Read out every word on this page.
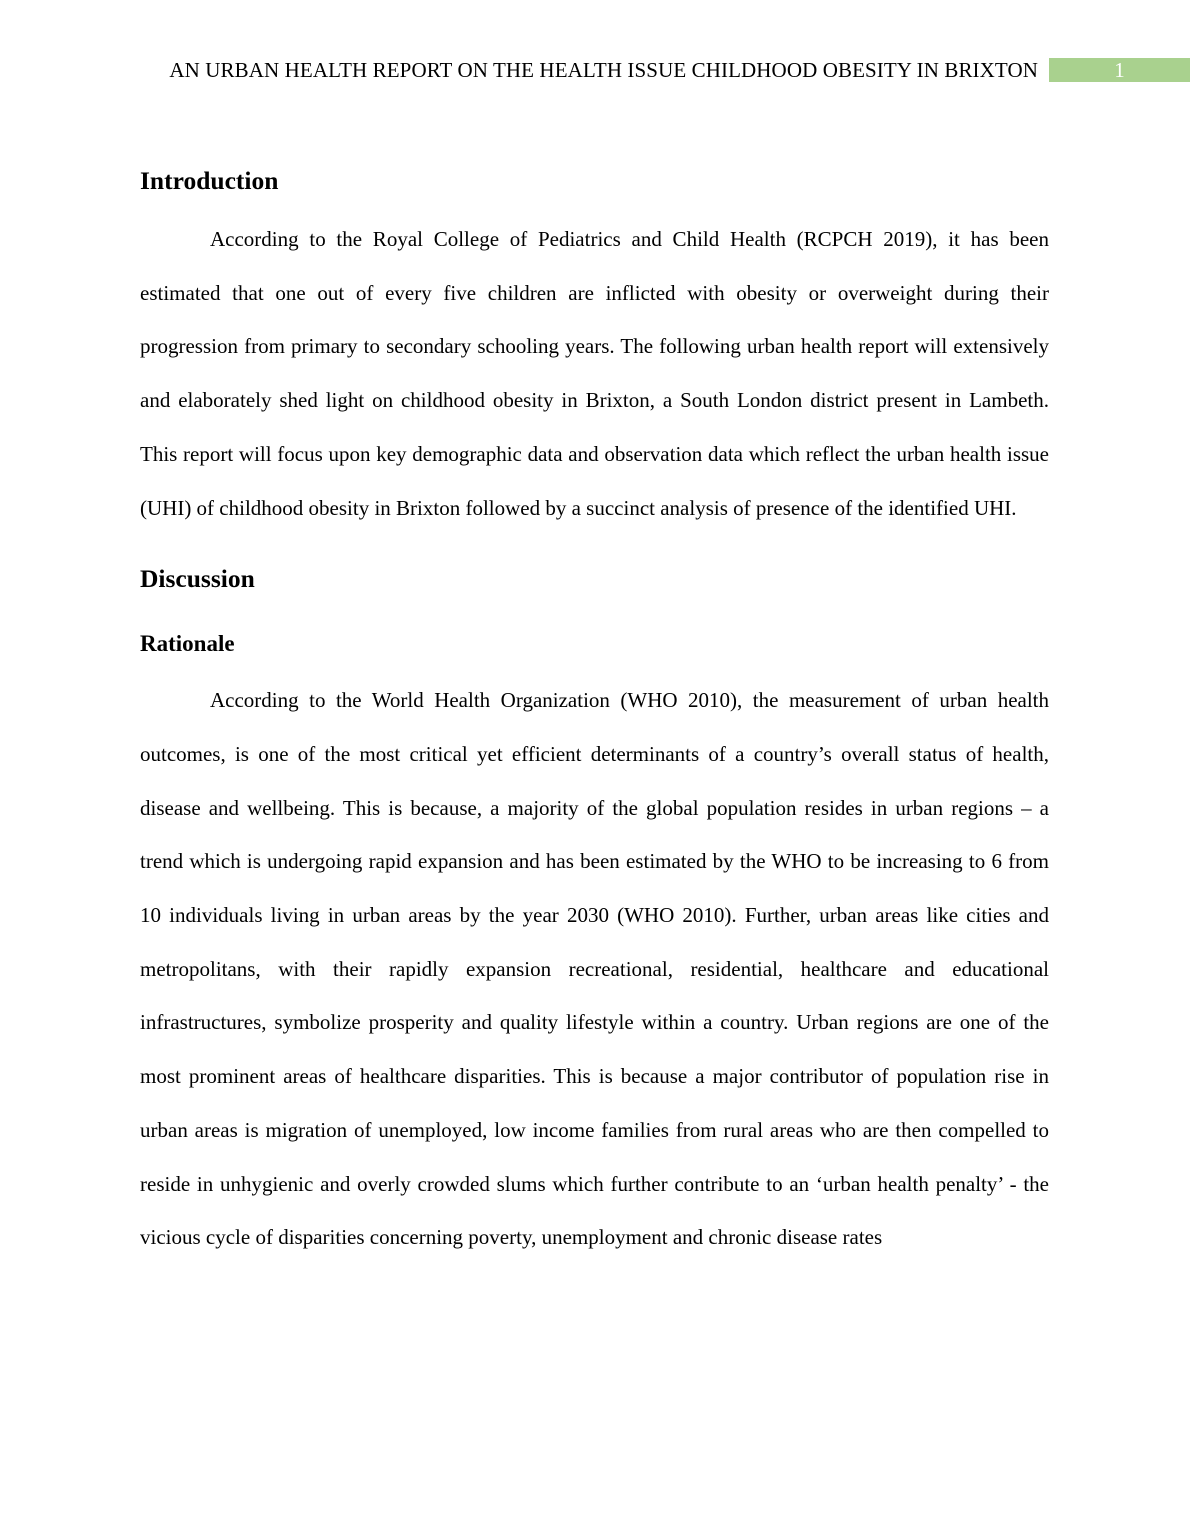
AN URBAN HEALTH REPORT ON THE HEALTH ISSUE CHILDHOOD OBESITY IN BRIXTON	1
Introduction

According to the Royal College of Pediatrics and Child Health (RCPCH 2019), it has been estimated that one out of every five children are inflicted with obesity or overweight during their progression from primary to secondary schooling years. The following urban health report will extensively and elaborately shed light on childhood obesity in Brixton, a South London district present in Lambeth. This report will focus upon key demographic data and observation data which reflect the urban health issue (UHI) of childhood obesity in Brixton followed by a succinct analysis of presence of the identified UHI.

Discussion
Rationale

According to the World Health Organization (WHO 2010), the measurement of urban health outcomes, is one of the most critical yet efficient determinants of a country’s overall status of health, disease and wellbeing. This is because, a majority of the global population resides in urban regions – a trend which is undergoing rapid expansion and has been estimated by the WHO to be increasing to 6 from 10 individuals living in urban areas by the year 2030 (WHO 2010). Further, urban areas like cities and metropolitans, with their rapidly expansion recreational, residential, healthcare and educational infrastructures, symbolize prosperity and quality lifestyle within a country. Urban regions are one of the most prominent areas of healthcare disparities. This is because a major contributor of population rise in urban areas is migration of unemployed, low income families from rural areas who are then compelled to reside in unhygienic and overly crowded slums which further contribute to an ‘urban health penalty’ - the vicious cycle of disparities concerning poverty, unemployment and chronic disease rates
